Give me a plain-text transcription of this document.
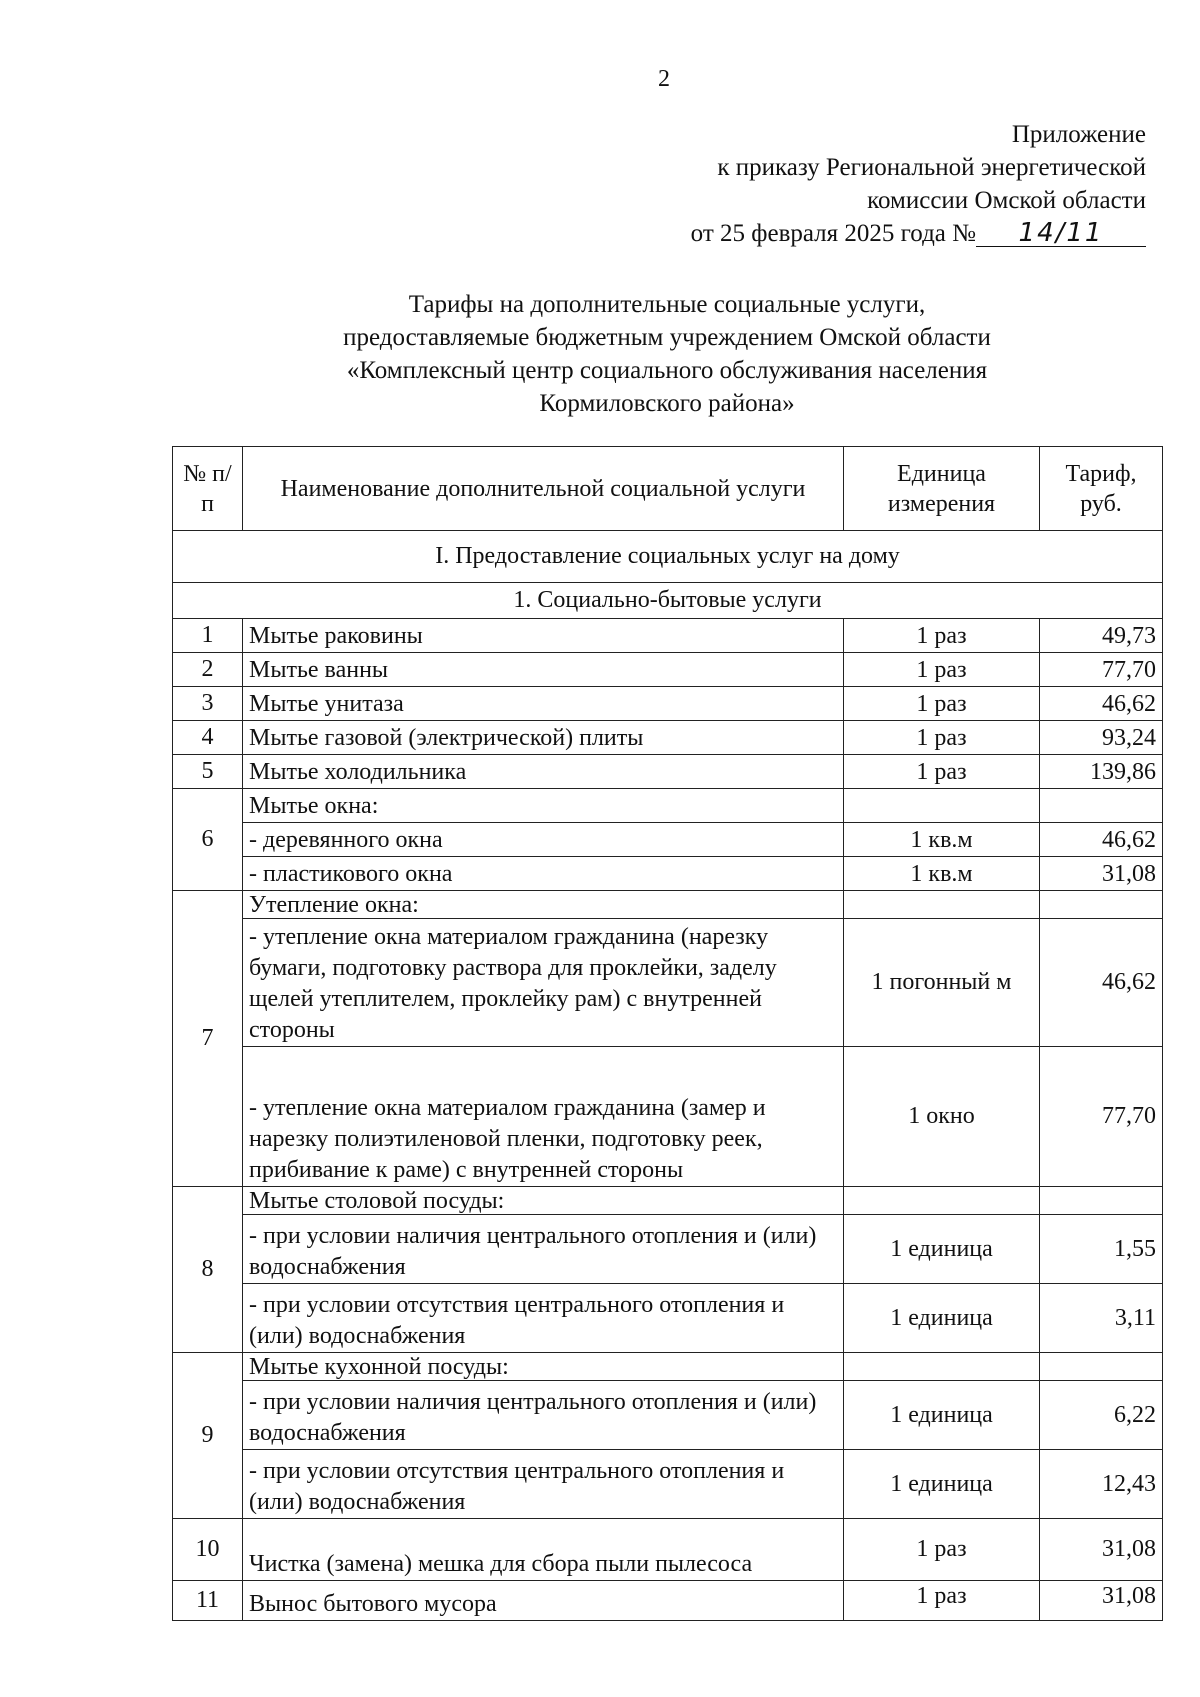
2
Приложение
к приказу Региональной энергетической
комиссии Омской области
от 25 февраля 2025 года № 14/11
Тарифы на дополнительные социальные услуги,
предоставляемые бюджетным учреждением Омской области
«Комплексный центр социального обслуживания населения
Кормиловского района»
№ п/п	Наименование дополнительной социальной услуги	Единица измерения	Тариф, руб.
I. Предоставление социальных услуг на дому			
1. Социально-бытовые услуги			
1	Мытье раковины	1 раз	49,73
2	Мытье ванны	1 раз	77,70
3	Мытье унитаза	1 раз	46,62
4	Мытье газовой (электрической) плиты	1 раз	93,24
5	Мытье холодильника	1 раз	139,86
6	Мытье окна:		
	- деревянного окна	1 кв.м	46,62
	- пластикового окна	1 кв.м	31,08
7	Утепление окна:		
	- утепление окна материалом гражданина (нарезку бумаги, подготовку раствора для проклейки, заделу щелей утеплителем, проклейку рам) с внутренней стороны	1 погонный м	46,62
	- утепление окна материалом гражданина (замер и нарезку полиэтиленовой пленки, подготовку реек, прибивание к раме) с внутренней стороны	1 окно	77,70
8	Мытье столовой посуды:		
	- при условии наличия центрального отопления и (или) водоснабжения	1 единица	1,55
	- при условии отсутствия центрального отопления и (или) водоснабжения	1 единица	3,11
9	Мытье кухонной посуды:		
	- при условии наличия центрального отопления и (или) водоснабжения	1 единица	6,22
	- при условии отсутствия центрального отопления и (или) водоснабжения	1 единица	12,43
10	Чистка (замена) мешка для сбора пыли пылесоса	1 раз	31,08
11	Вынос бытового мусора	1 раз	31,08
